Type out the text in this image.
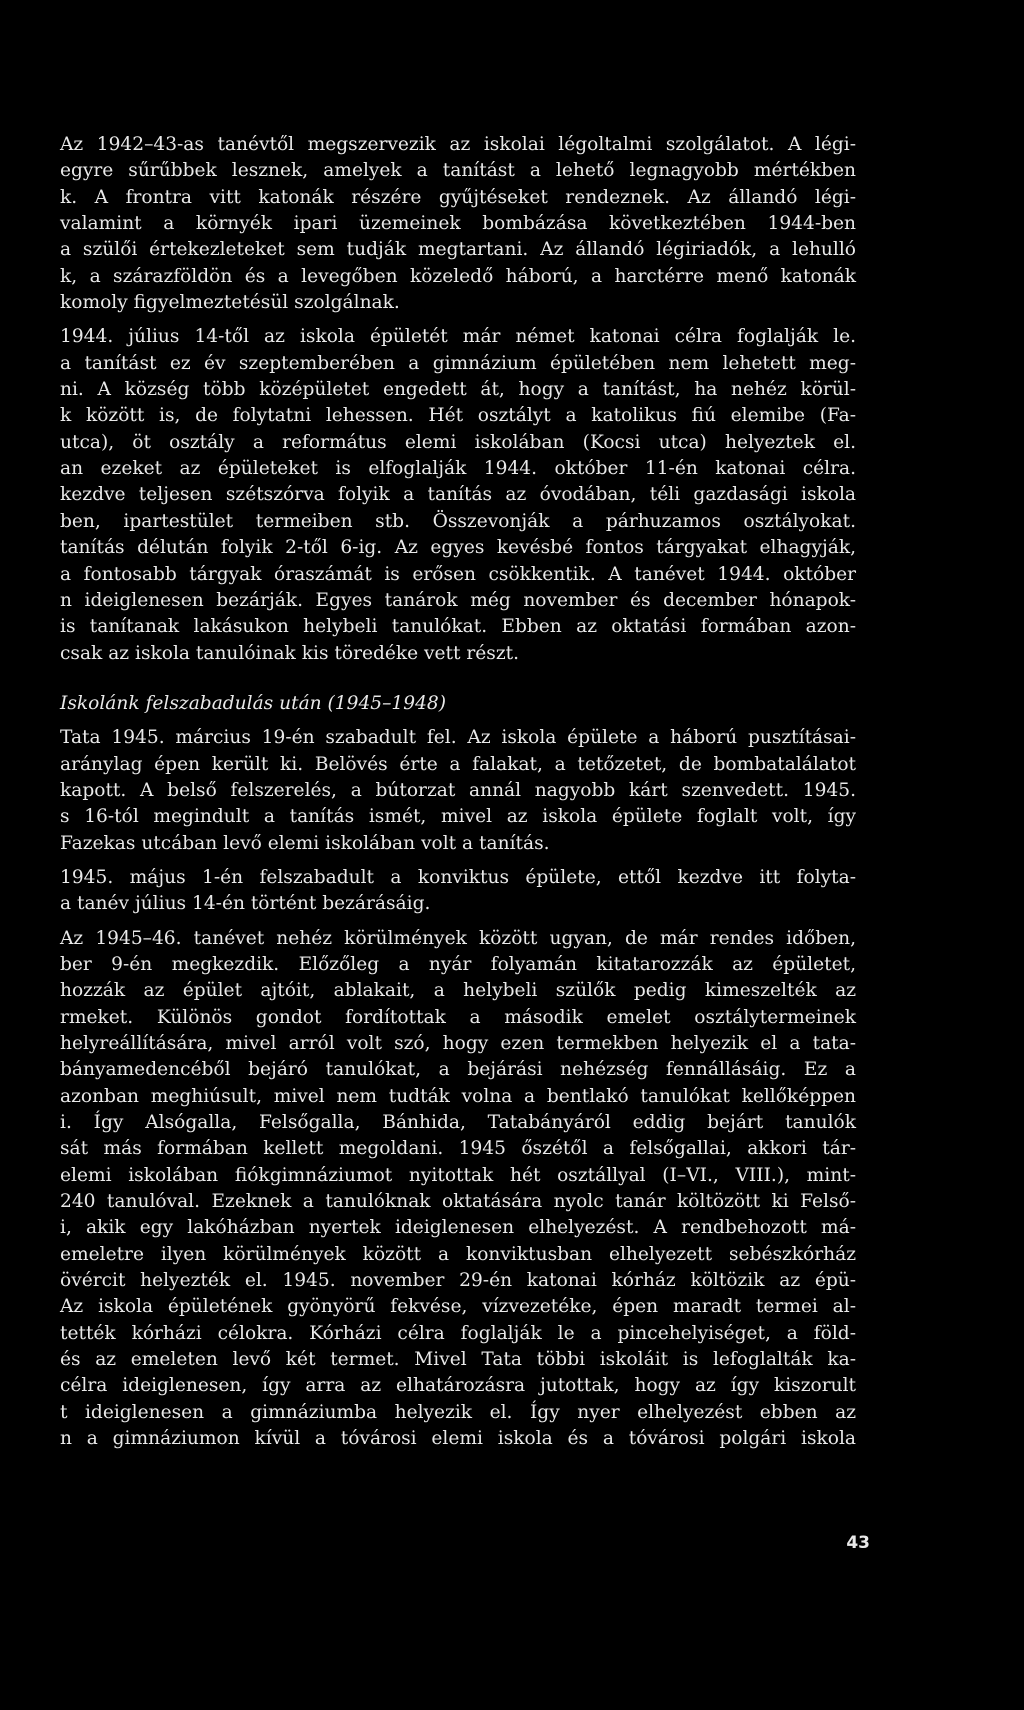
Az 1942–43-as tanévtől megszervezik az iskolai légoltalmi szolgálatot. A légi-
egyre sűrűbbek lesznek, amelyek a tanítást a lehető legnagyobb mértékben
k. A frontra vitt katonák részére gyűjtéseket rendeznek. Az állandó légi-
valamint a környék ipari üzemeinek bombázása következtében 1944-ben
a szülői értekezleteket sem tudják megtartani. Az állandó légiriadók, a lehulló
k, a szárazföldön és a levegőben közeledő háború, a harctérre menő katonák
komoly figyelmeztetésül szolgálnak.

1944. július 14-től az iskola épületét már német katonai célra foglalják le.
a tanítást ez év szeptemberében a gimnázium épületében nem lehetett meg-
ni. A község több középületet engedett át, hogy a tanítást, ha nehéz körül-
k között is, de folytatni lehessen. Hét osztályt a katolikus fiú elemibe (Fa-
utca), öt osztály a református elemi iskolában (Kocsi utca) helyeztek el.
an ezeket az épületeket is elfoglalják 1944. október 11-én katonai célra.
kezdve teljesen szétszórva folyik a tanítás az óvodában, téli gazdasági iskola
ben, ipartestület termeiben stb. Összevonják a párhuzamos osztályokat.
tanítás délután folyik 2-től 6-ig. Az egyes kevésbé fontos tárgyakat elhagyják,
a fontosabb tárgyak óraszámát is erősen csökkentik. A tanévet 1944. október
n ideiglenesen bezárják. Egyes tanárok még november és december hónapok-
is tanítanak lakásukon helybeli tanulókat. Ebben az oktatási formában azon-
csak az iskola tanulóinak kis töredéke vett részt.

Iskolánk felszabadulás után (1945–1948)

Tata 1945. március 19-én szabadult fel. Az iskola épülete a háború pusztításai-
aránylag épen került ki. Belövés érte a falakat, a tetőzetet, de bombatalálatot
kapott. A belső felszerelés, a bútorzat annál nagyobb kárt szenvedett. 1945.
s 16-tól megindult a tanítás ismét, mivel az iskola épülete foglalt volt, így
Fazekas utcában levő elemi iskolában volt a tanítás.

1945. május 1-én felszabadult a konviktus épülete, ettől kezdve itt folyta-
a tanév július 14-én történt bezárásáig.

Az 1945–46. tanévet nehéz körülmények között ugyan, de már rendes időben,
ber 9-én megkezdik. Előzőleg a nyár folyamán kitatarozzák az épületet,
hozzák az épület ajtóit, ablakait, a helybeli szülők pedig kimeszelték az
rmeket. Különös gondot fordítottak a második emelet osztálytermeinek
helyreállítására, mivel arról volt szó, hogy ezen termekben helyezik el a tata-
bányamedencéből bejáró tanulókat, a bejárási nehézség fennállásáig. Ez a
azonban meghiúsult, mivel nem tudták volna a bentlakó tanulókat kellőképpen
i. Így Alsógalla, Felsőgalla, Bánhida, Tatabányáról eddig bejárt tanulók
sát más formában kellett megoldani. 1945 őszétől a felsőgallai, akkori tár-
elemi iskolában fiókgimnáziumot nyitottak hét osztállyal (I–VI., VIII.), mint-
240 tanulóval. Ezeknek a tanulóknak oktatására nyolc tanár költözött ki Felső-
i, akik egy lakóházban nyertek ideiglenesen elhelyezést. A rendbehozott má-
emeletre ilyen körülmények között a konviktusban elhelyezett sebészkórház
övércit helyezték el. 1945. november 29-én katonai kórház költözik az épü-
Az iskola épületének gyönyörű fekvése, vízvezetéke, épen maradt termei al-
tették kórházi célokra. Kórházi célra foglalják le a pincehelyiséget, a föld-
és az emeleten levő két termet. Mivel Tata többi iskoláit is lefoglalták ka-
célra ideiglenesen, így arra az elhatározásra jutottak, hogy az így kiszorult
t ideiglenesen a gimnáziumba helyezik el. Így nyer elhelyezést ebben az
n a gimnáziumon kívül a tóvárosi elemi iskola és a tóvárosi polgári iskola

43
